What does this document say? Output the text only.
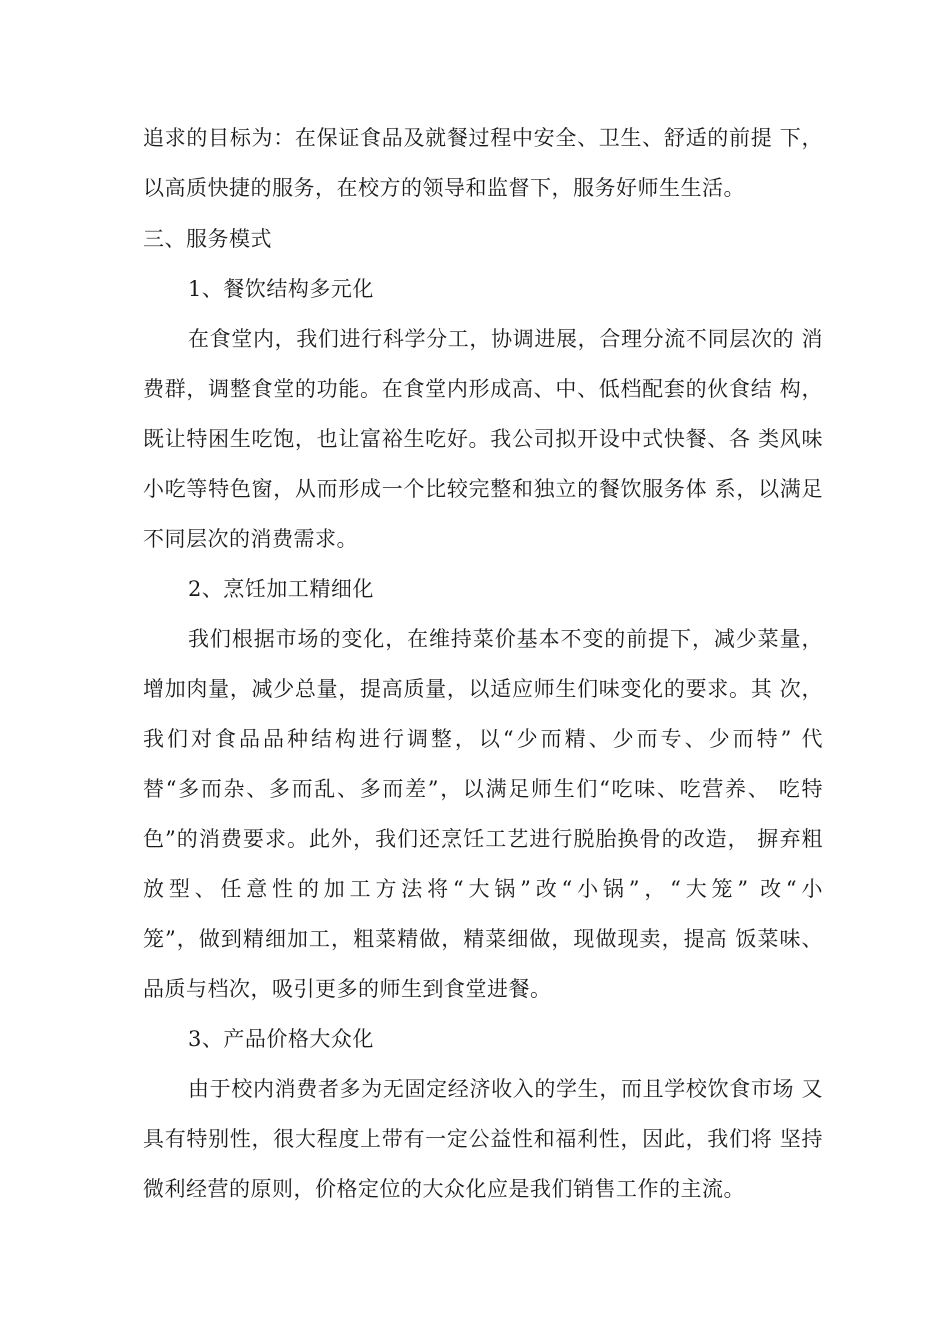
追求的目标为：在保证食品及就餐过程中安全、卫生、舒适的前提 下，
以高质快捷的服务，在校方的领导和监督下，服务好师生生活。
三、服务模式
1、餐饮结构多元化
在食堂内，我们进行科学分工，协调进展，合理分流不同层次的 消
费群，调整食堂的功能。在食堂内形成高、中、低档配套的伙食结 构，
既让特困生吃饱，也让富裕生吃好。我公司拟开设中式快餐、各 类风味
小吃等特色窗，从而形成一个比较完整和独立的餐饮服务体 系，以满足
不同层次的消费需求。
2、烹饪加工精细化
我们根据市场的变化，在维持菜价基本不变的前提下，减少菜量，
增加肉量，减少总量，提高质量，以适应师生们味变化的要求。其 次，
我们对食品品种结构进行调整，以“少而精、少而专、少而特” 代
替“多而杂、多而乱、多而差”，以满足师生们“吃味、吃营养、 吃特
色”的消费要求。此外，我们还烹饪工艺进行脱胎换骨的改造， 摒弃粗
放型、任意性的加工方法将“大锅”改“小锅”，“大笼” 改“小
笼”，做到精细加工，粗菜精做，精菜细做，现做现卖，提高 饭菜味、
品质与档次，吸引更多的师生到食堂进餐。
3、产品价格大众化
由于校内消费者多为无固定经济收入的学生，而且学校饮食市场 又
具有特别性，很大程度上带有一定公益性和福利性，因此，我们将 坚持
微利经营的原则，价格定位的大众化应是我们销售工作的主流。
